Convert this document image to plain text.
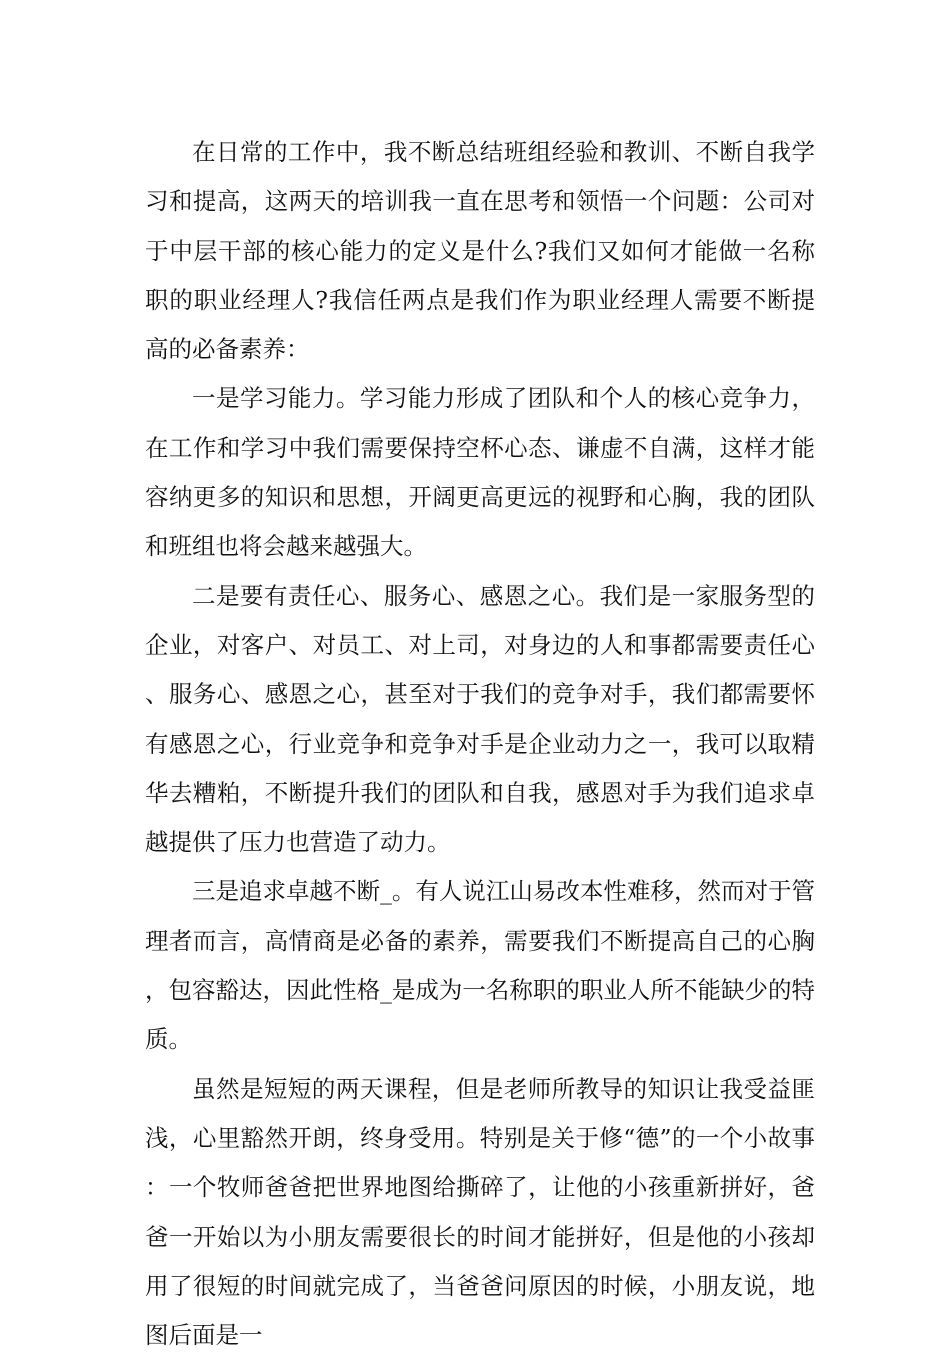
在日常的工作中，我不断总结班组经验和教训、不断自我学习和提高，这两天的培训我一直在思考和领悟一个问题：公司对于中层干部的核心能力的定义是什么?我们又如何才能做一名称职的职业经理人?我信任两点是我们作为职业经理人需要不断提高的必备素养：

一是学习能力。学习能力形成了团队和个人的核心竞争力，在工作和学习中我们需要保持空杯心态、谦虚不自满，这样才能容纳更多的知识和思想，开阔更高更远的视野和心胸，我的团队和班组也将会越来越强大。

二是要有责任心、服务心、感恩之心。我们是一家服务型的企业，对客户、对员工、对上司，对身边的人和事都需要责任心、服务心、感恩之心，甚至对于我们的竞争对手，我们都需要怀有感恩之心，行业竞争和竞争对手是企业动力之一，我可以取精华去糟粕，不断提升我们的团队和自我，感恩对手为我们追求卓越提供了压力也营造了动力。

三是追求卓越不断_。有人说江山易改本性难移，然而对于管理者而言，高情商是必备的素养，需要我们不断提高自己的心胸，包容豁达，因此性格_是成为一名称职的职业人所不能缺少的特质。

虽然是短短的两天课程，但是老师所教导的知识让我受益匪浅，心里豁然开朗，终身受用。特别是关于修“德”的一个小故事：一个牧师爸爸把世界地图给撕碎了，让他的小孩重新拼好，爸爸一开始以为小朋友需要很长的时间才能拼好，但是他的小孩却用了很短的时间就完成了，当爸爸问原因的时候，小朋友说，地图后面是一
